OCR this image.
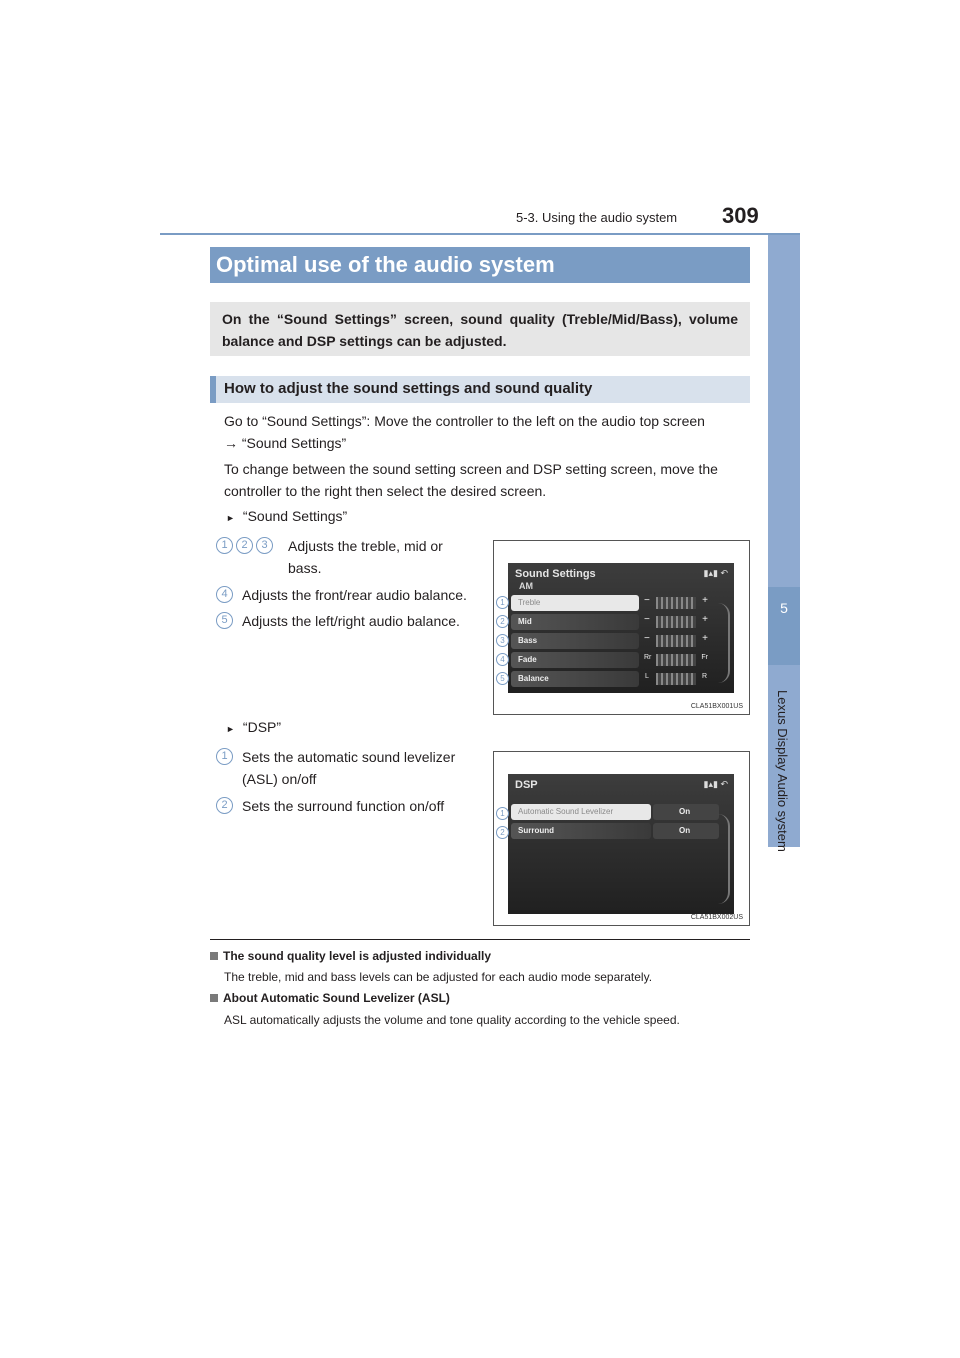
5-3. Using the audio system 309
5
Lexus Display Audio system
Optimal use of the audio system
On the “Sound Settings” screen, sound quality (Treble/Mid/Bass), volume balance and DSP settings can be adjusted.
How to adjust the sound settings and sound quality
Go to “Sound Settings”: Move the controller to the left on the audio top screen
→ “Sound Settings”
To change between the sound setting screen and DSP setting screen, move the
controller to the right then select the desired screen.
► “Sound Settings”
1 2 3 Adjusts the treble, mid or
bass.
4 Adjusts the front/rear audio balance.
5 Adjusts the left/right audio balance.
Sound Settings
AM
▮▴▮ ↶
Treble
Mid
Bass
Fade
Balance
−	+
−	+
−	+
Rr	Fr
L	R
1
2
3
4
5
CLA51BX001US
► “DSP”
1 Sets the automatic sound levelizer
(ASL) on/off
2 Sets the surround function on/off
DSP	▮▴▮ ↶
Automatic Sound Levelizer	On
Surround	On
1
2
CLA51BX002US
The sound quality level is adjusted individually
The treble, mid and bass levels can be adjusted for each audio mode separately.
About Automatic Sound Levelizer (ASL)
ASL automatically adjusts the volume and tone quality according to the vehicle speed.
